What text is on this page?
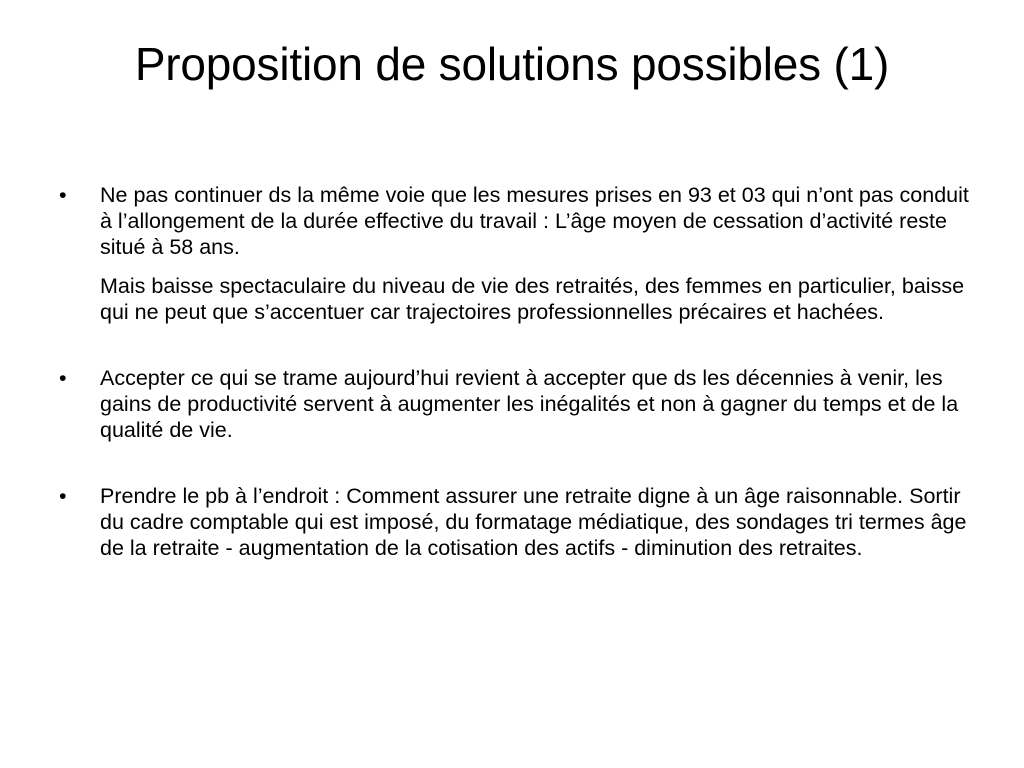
Proposition de solutions possibles (1)
• Ne pas continuer ds la même voie que les mesures prises en 93 et 03 qui n’ont pas conduit à l’allongement de la durée effective du travail : L’âge moyen de cessation d’activité reste situé à 58 ans.
Mais baisse spectaculaire du niveau de vie des retraités, des femmes en particulier, baisse qui ne peut que s’accentuer car trajectoires professionnelles précaires et hachées.
• Accepter ce qui se trame aujourd’hui revient à accepter que ds les décennies à venir, les gains de productivité servent à augmenter les inégalités et non à gagner du temps et de la qualité de vie.
• Prendre le pb à l’endroit : Comment assurer une retraite digne à un âge raisonnable. Sortir du cadre comptable qui est imposé, du formatage médiatique, des sondages tri termes âge de la retraite - augmentation de la cotisation des actifs - diminution des retraites.
